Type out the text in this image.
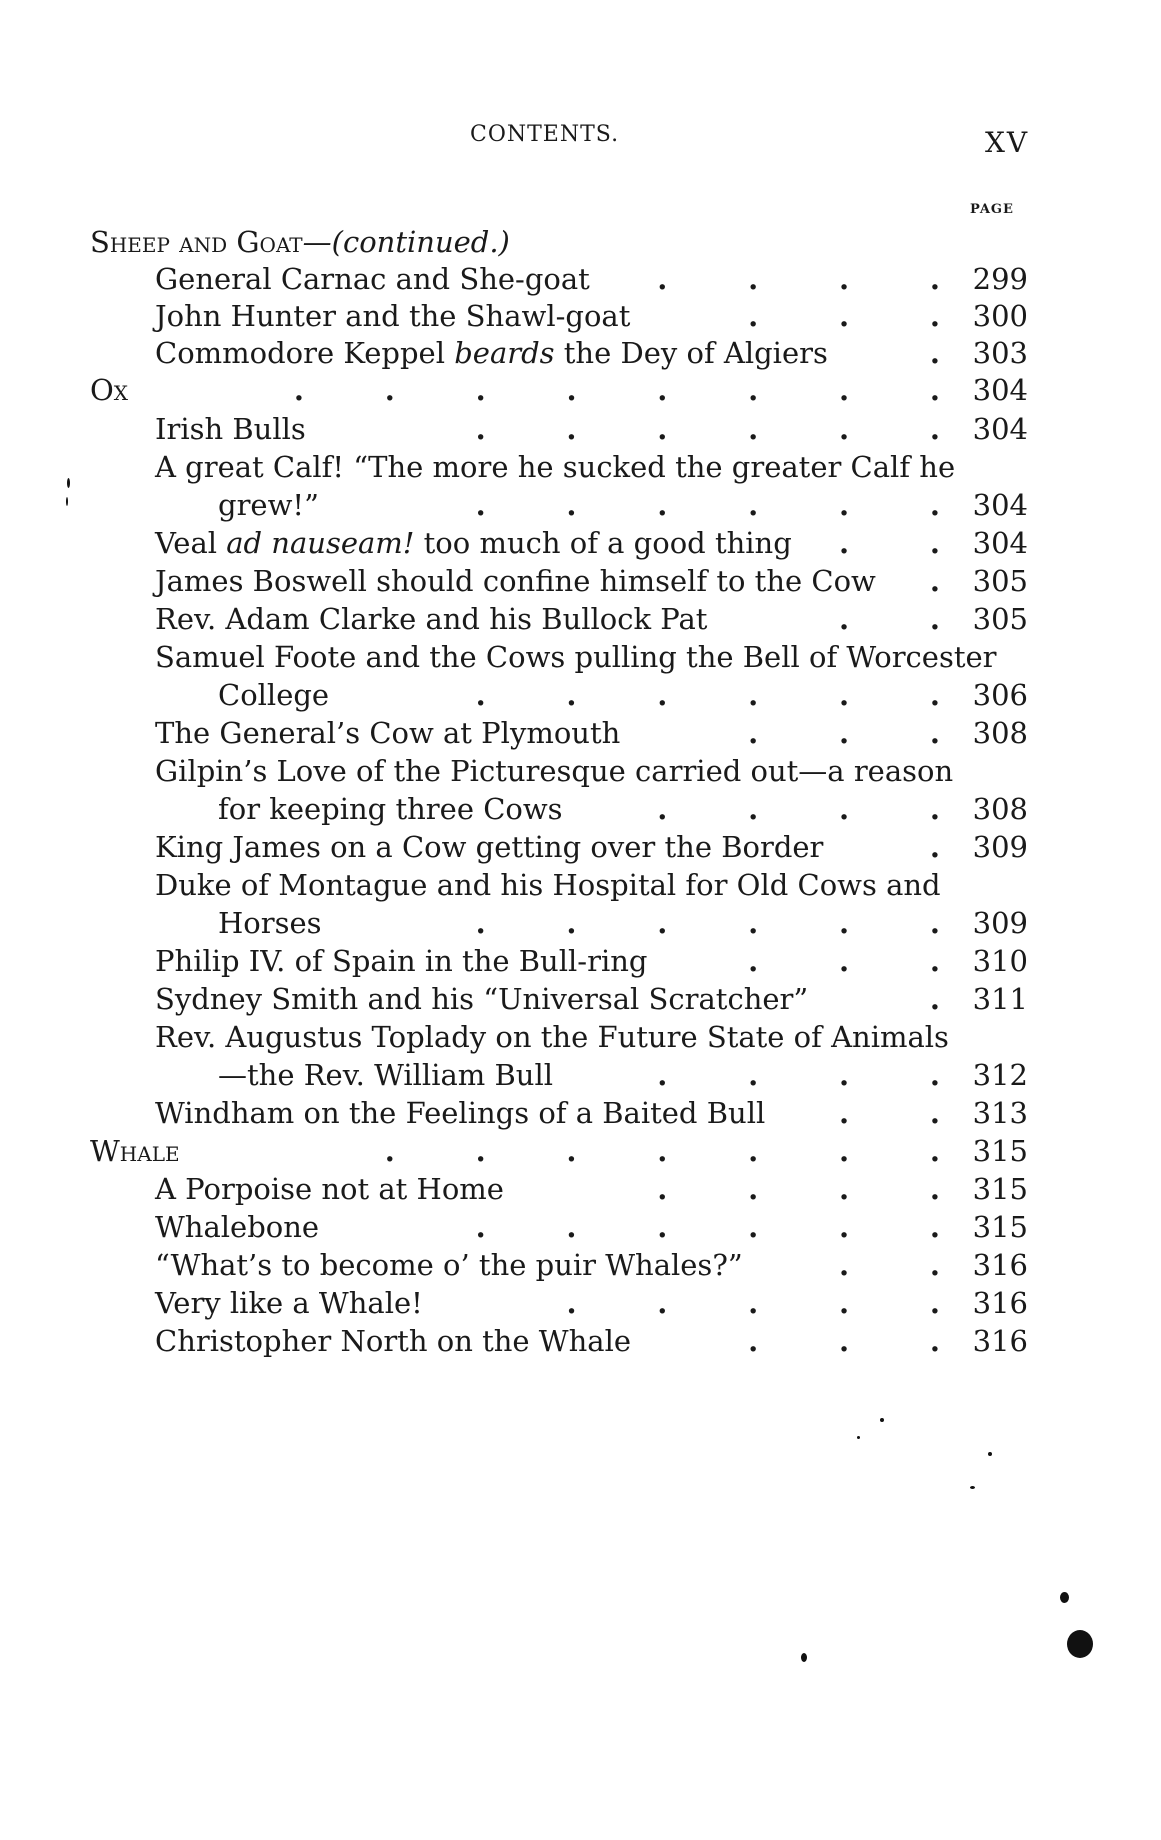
CONTENTS.	XV
PAGE
Sheep and Goat—(continued.)
General Carnac and She-goat	.        .        .        .	299
John Hunter and the Shawl-goat	.        .        .	300
Commodore Keppel beards the Dey of Algiers	.	303
Ox	.        .        .        .        .        .        .        .	304
Irish Bulls	.        .        .        .        .        .	304
A great Calf! “The more he sucked the greater Calf he
grew!”	.        .        .        .        .        .	304
Veal ad nauseam! too much of a good thing	.        .	304
James Boswell should confine himself to the Cow	.	305
Rev. Adam Clarke and his Bullock Pat	.        .	305
Samuel Foote and the Cows pulling the Bell of Worcester
College	.        .        .        .        .        .	306
The General’s Cow at Plymouth	.        .        .	308
Gilpin’s Love of the Picturesque carried out—a reason
for keeping three Cows	.        .        .        .	308
King James on a Cow getting over the Border	.	309
Duke of Montague and his Hospital for Old Cows and
Horses	.        .        .        .        .        .	309
Philip IV. of Spain in the Bull-ring	.        .        .	310
Sydney Smith and his “Universal Scratcher”	.	311
Rev. Augustus Toplady on the Future State of Animals
—the Rev. William Bull	.        .        .        .	312
Windham on the Feelings of a Baited Bull	.        .	313
Whale	.        .        .        .        .        .        .	315
A Porpoise not at Home	.        .        .        .	315
Whalebone	.        .        .        .        .        .	315
“What’s to become o’ the puir Whales?”	.        .	316
Very like a Whale!	.        .        .        .        .	316
Christopher North on the Whale	.        .        .	316
